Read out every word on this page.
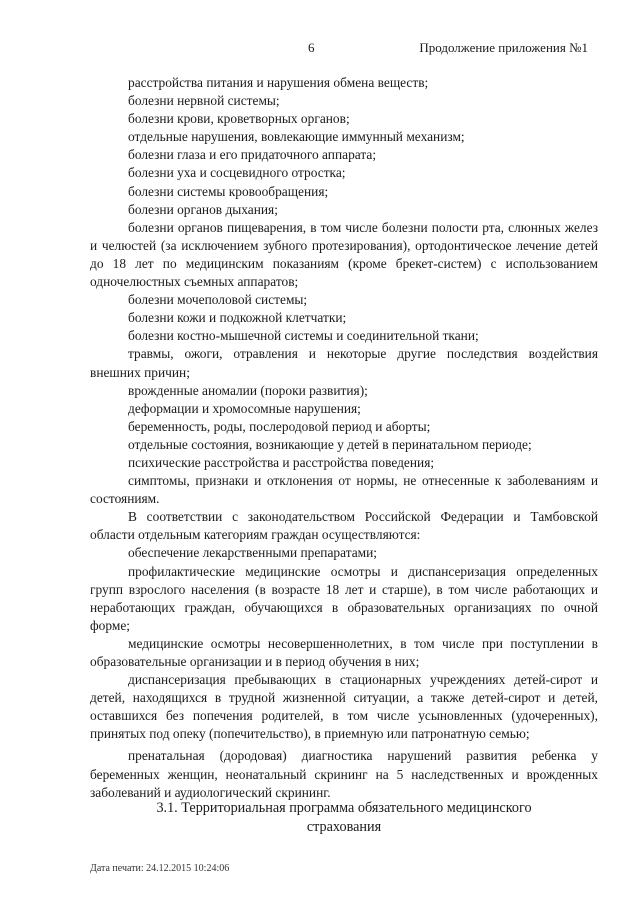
6	Продолжение приложения №1

расстройства питания и нарушения обмена веществ;

болезни нервной системы;

болезни крови, кроветворных органов;

отдельные нарушения, вовлекающие иммунный механизм;

болезни глаза и его придаточного аппарата;

болезни уха и сосцевидного отростка;

болезни системы кровообращения;

болезни органов дыхания;

болезни органов пищеварения, в том числе болезни полости рта, слюнных желез и челюстей (за исключением зубного протезирования), ортодонтическое лечение детей до 18 лет по медицинским показаниям (кроме брекет-систем) с использованием одночелюстных съемных аппаратов;

болезни мочеполовой системы;

болезни кожи и подкожной клетчатки;

болезни костно-мышечной системы и соединительной ткани;

травмы, ожоги, отравления и некоторые другие последствия воздействия внешних причин;

врожденные аномалии (пороки развития);

деформации и хромосомные нарушения;

беременность, роды, послеродовой период и аборты;

отдельные состояния, возникающие у детей в перинатальном периоде;

психические расстройства и расстройства поведения;

симптомы, признаки и отклонения от нормы, не отнесенные к заболеваниям и состояниям.

В соответствии с законодательством Российской Федерации и Тамбовской области отдельным категориям граждан осуществляются:

обеспечение лекарственными препаратами;

профилактические медицинские осмотры и диспансеризация определенных групп взрослого населения (в возрасте 18 лет и старше), в том числе работающих и неработающих граждан, обучающихся в образовательных организациях по очной форме;

медицинские осмотры несовершеннолетних, в том числе при поступлении в образовательные организации и в период обучения в них;

диспансеризация пребывающих в стационарных учреждениях детей-сирот и детей, находящихся в трудной жизненной ситуации, а также детей-сирот и детей, оставшихся без попечения родителей, в том числе усыновленных (удочеренных), принятых под опеку (попечительство), в приемную или патронатную семью;

пренатальная (дородовая) диагностика нарушений развития ребенка у беременных женщин, неонатальный скрининг на 5 наследственных и врожденных заболеваний и аудиологический скрининг.

3.1. Территориальная программа обязательного медицинского

страхования

Дата печати: 24.12.2015 10:24:06
